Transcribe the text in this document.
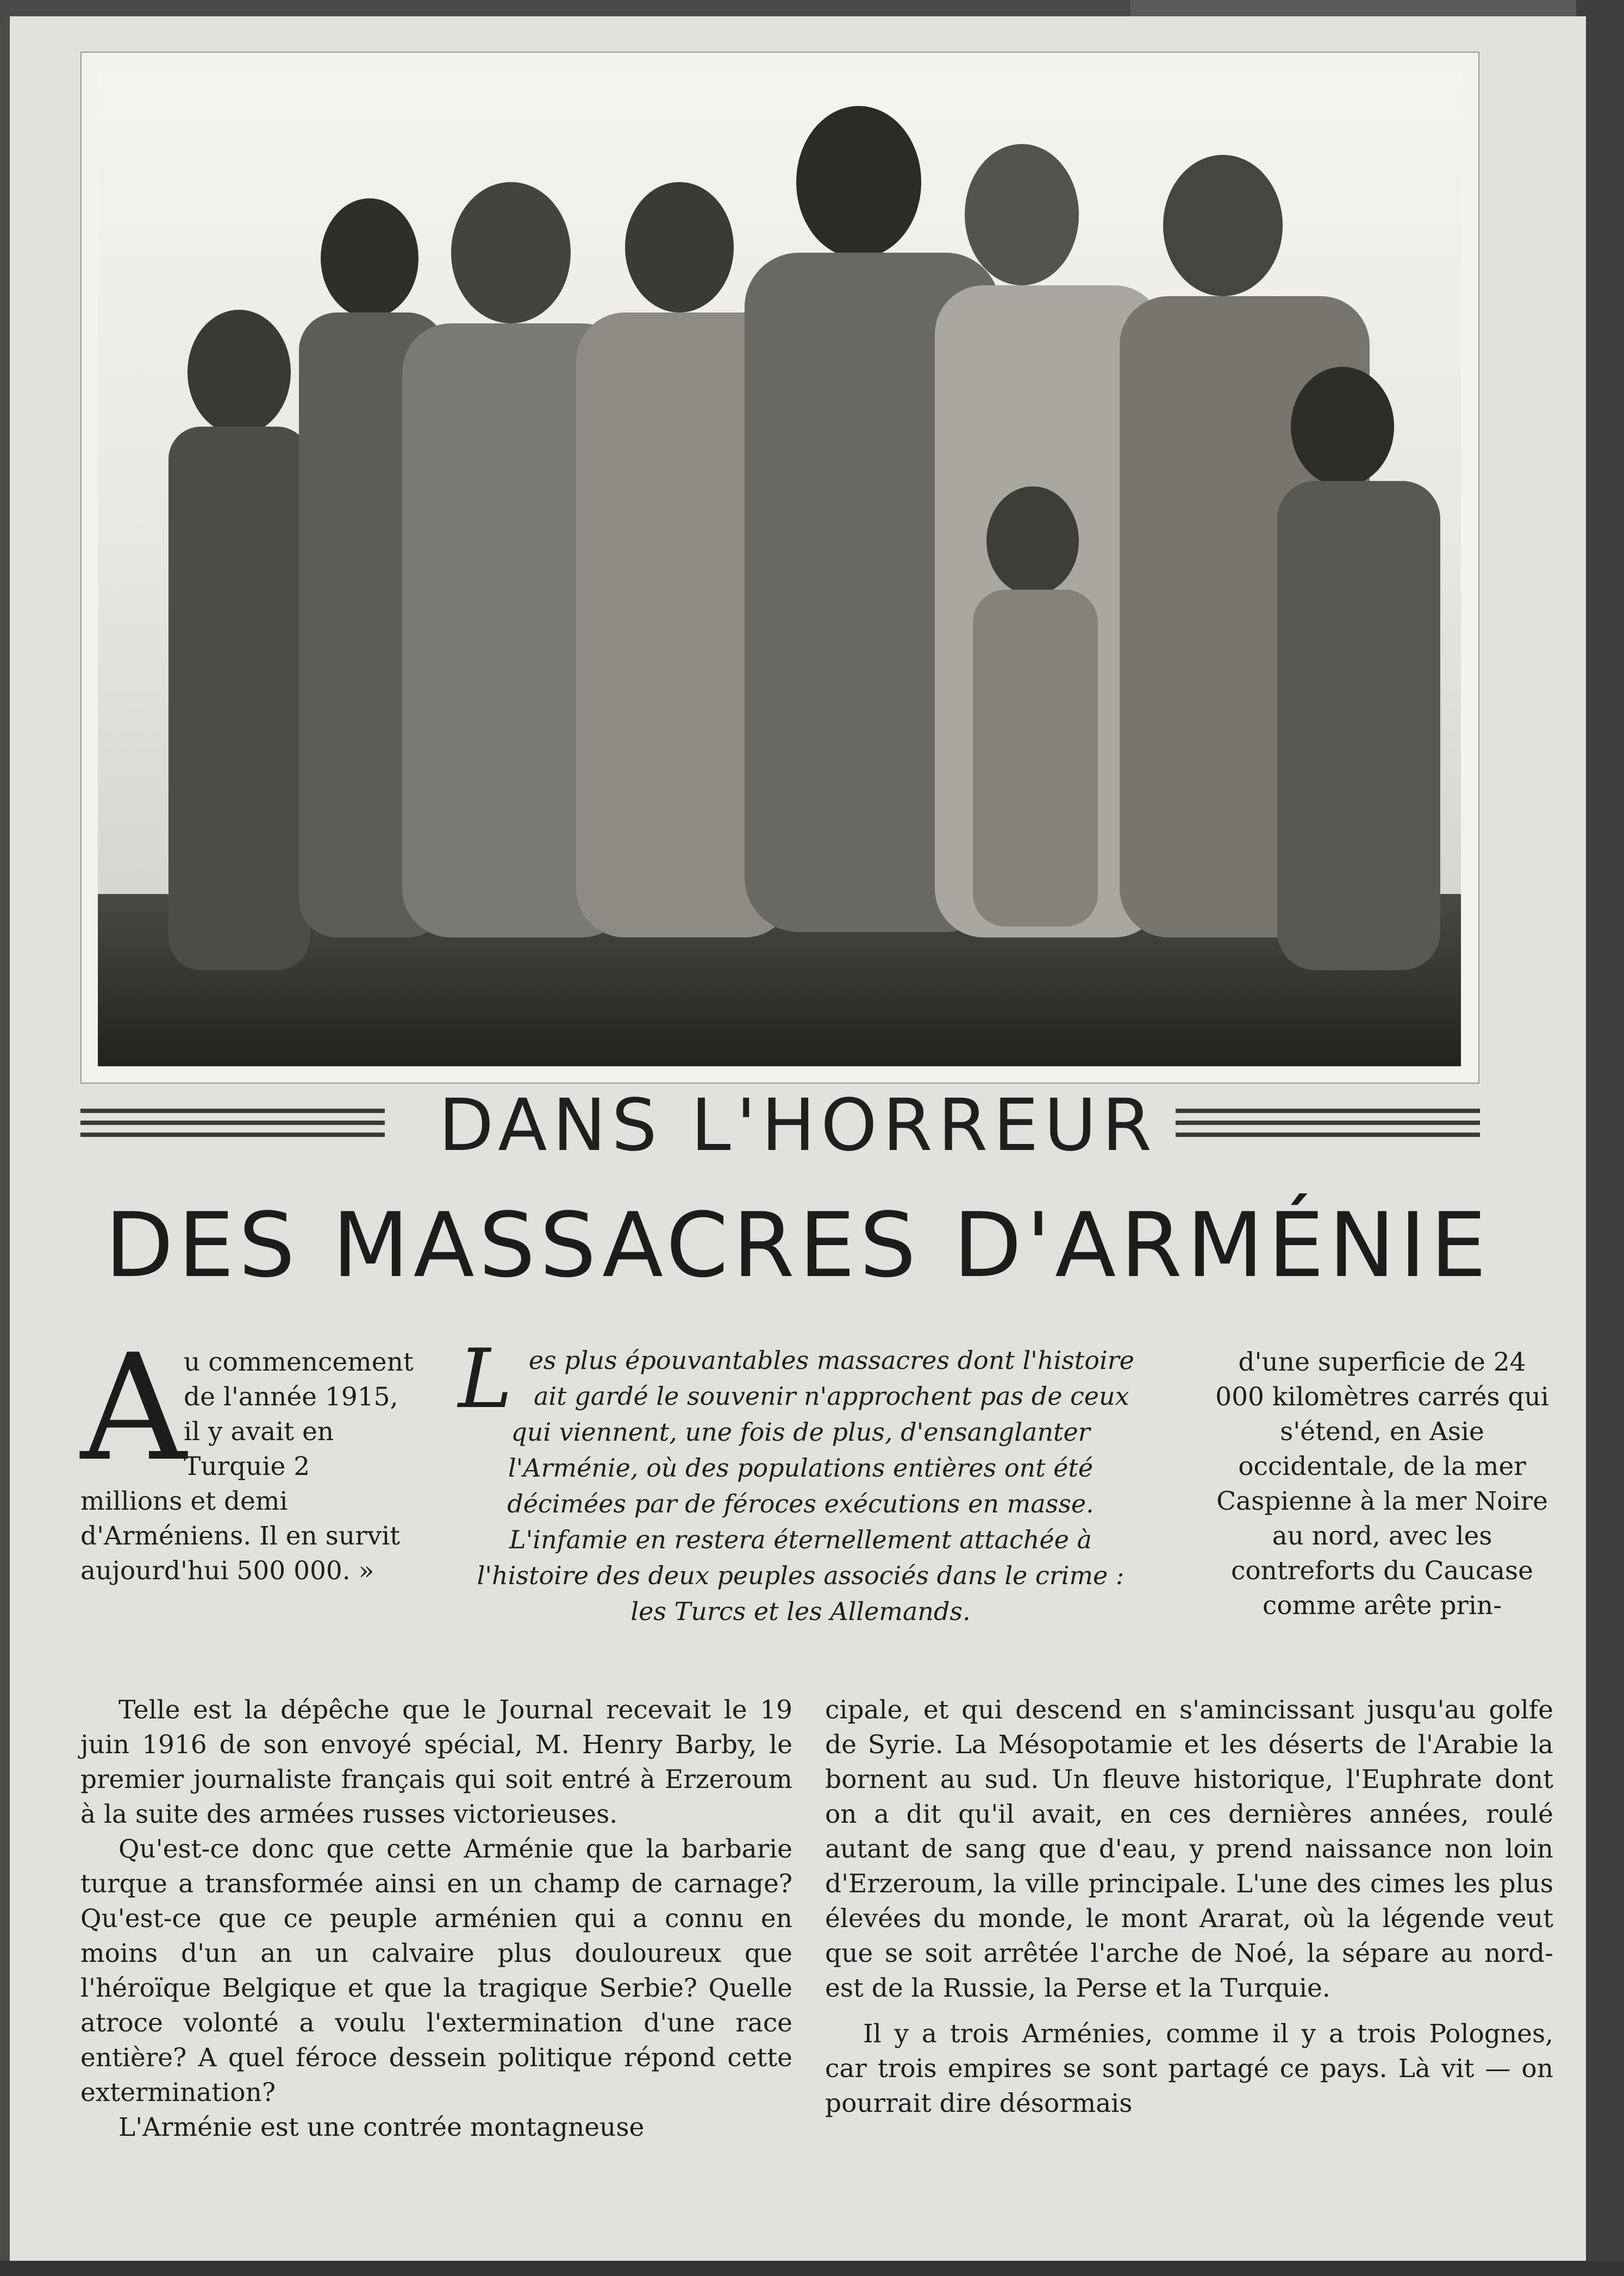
DANS L'HORREUR
DES MASSACRES D'ARMÉNIE
A
u commencement de l'année 1915, il y avait en Turquie 2 millions et demi d'Arméniens. Il en survit aujourd'hui 500 000. »
L es plus épouvantables massacres dont l'histoire ait gardé le souvenir n'approchent pas de ceux qui viennent, une fois de plus, d'ensanglanter l'Arménie, où des populations entières ont été décimées par de féroces exécutions en masse. L'infamie en restera éternellement attachée à l'histoire des deux peuples associés dans le crime : les Turcs et les Allemands.
d'une superficie de 24 000 kilomètres carrés qui s'étend, en Asie occidentale, de la mer Caspienne à la mer Noire au nord, avec les contreforts du Caucase comme arête prin-

Telle est la dépêche que le Journal recevait le 19 juin 1916 de son envoyé spécial, M. Henry Barby, le premier journaliste français qui soit entré à Erzeroum à la suite des armées russes victorieuses.

Qu'est-ce donc que cette Arménie que la barbarie turque a transformée ainsi en un champ de carnage? Qu'est-ce que ce peuple arménien qui a connu en moins d'un an un calvaire plus douloureux que l'héroïque Belgique et que la tragique Serbie? Quelle atroce volonté a voulu l'extermination d'une race entière? A quel féroce dessein politique répond cette extermination?

L'Arménie est une contrée montagneuse

cipale, et qui descend en s'amincissant jusqu'au golfe de Syrie. La Mésopotamie et les déserts de l'Arabie la bornent au sud. Un fleuve historique, l'Euphrate dont on a dit qu'il avait, en ces dernières années, roulé autant de sang que d'eau, y prend naissance non loin d'Erzeroum, la ville principale. L'une des cimes les plus élevées du monde, le mont Ararat, où la légende veut que se soit arrêtée l'arche de Noé, la sépare au nord-est de la Russie, la Perse et la Turquie.

Il y a trois Arménies, comme il y a trois Polognes, car trois empires se sont partagé ce pays. Là vit — on pourrait dire désormais
